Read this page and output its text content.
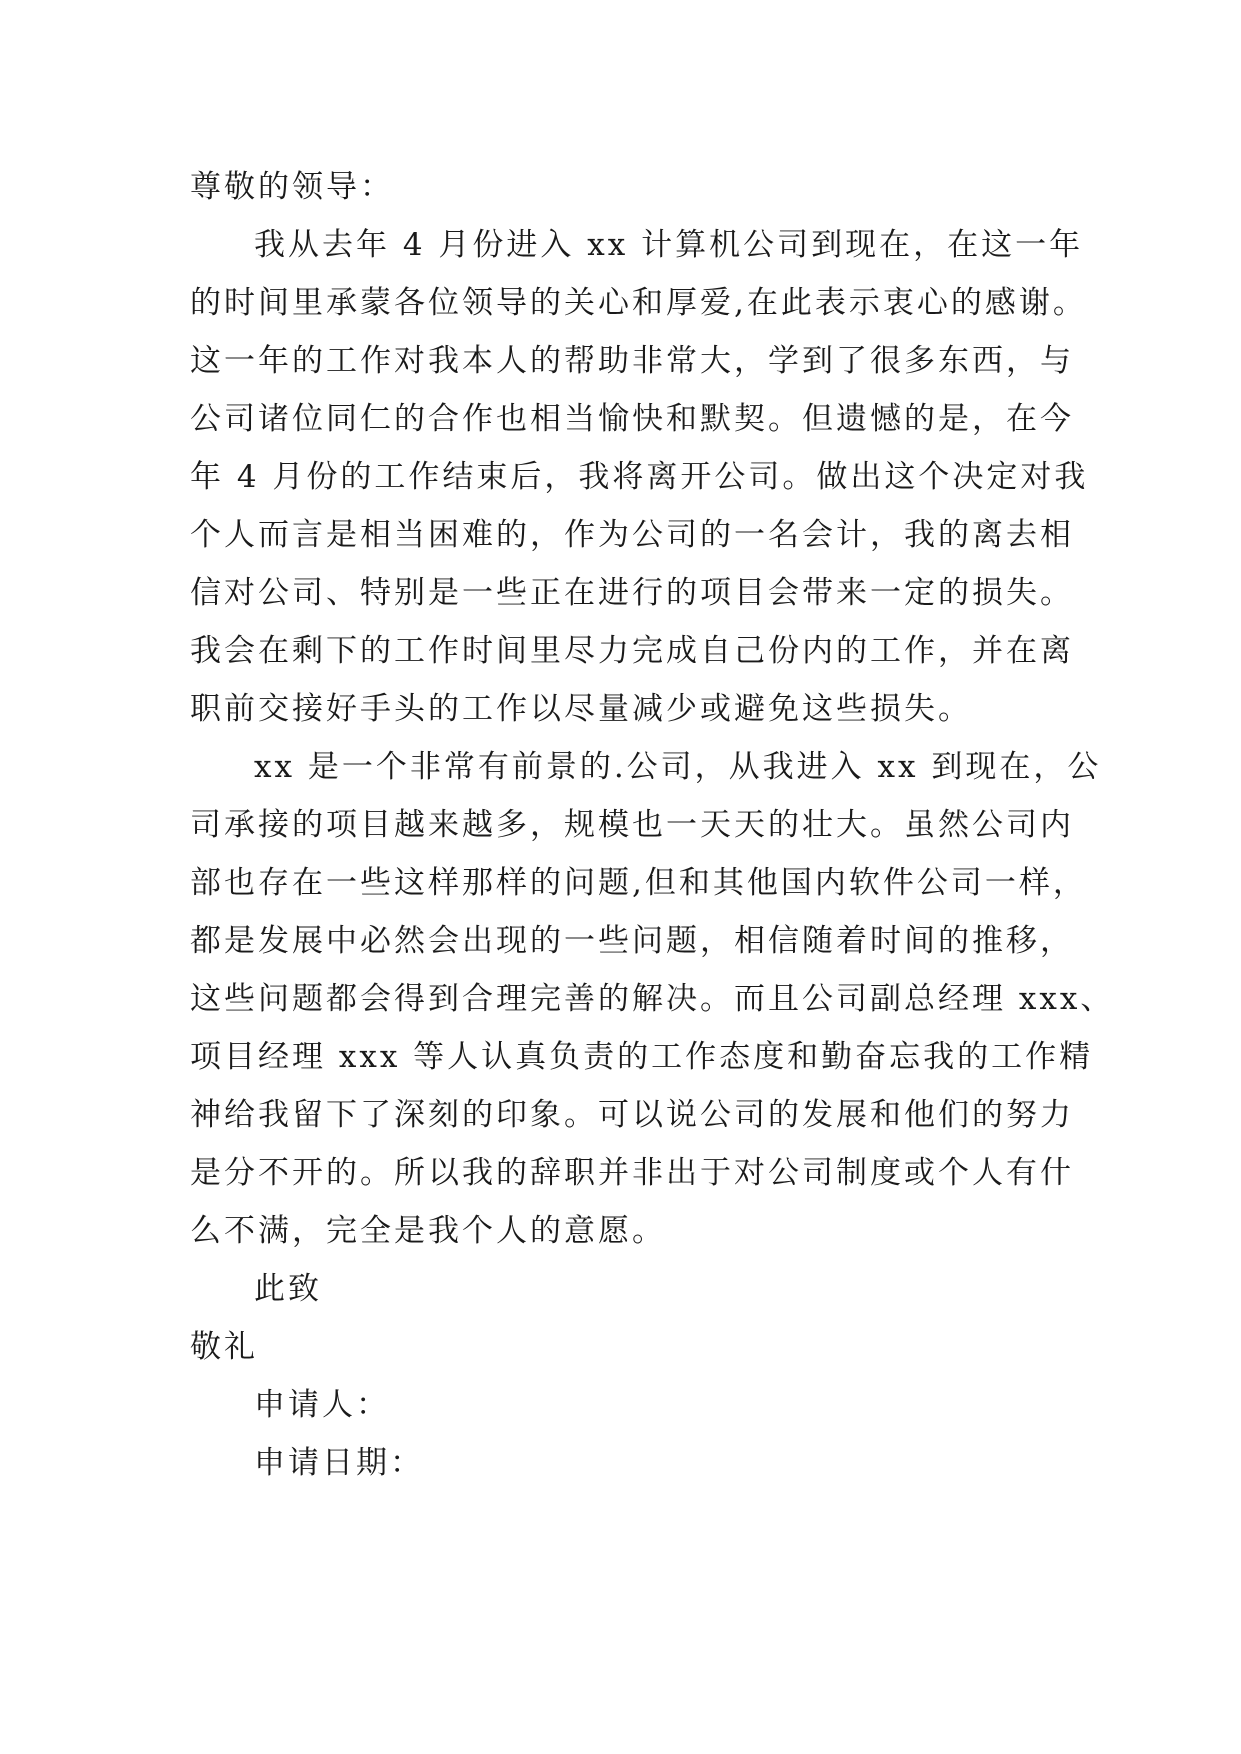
尊敬的领导：
我从去年 4 月份进入 xx 计算机公司到现在，在这一年
的时间里承蒙各位领导的关心和厚爱,在此表示衷心的感谢。
这一年的工作对我本人的帮助非常大，学到了很多东西，与
公司诸位同仁的合作也相当愉快和默契。但遗憾的是，在今
年 4 月份的工作结束后，我将离开公司。做出这个决定对我
个人而言是相当困难的，作为公司的一名会计，我的离去相
信对公司、特别是一些正在进行的项目会带来一定的损失。
我会在剩下的工作时间里尽力完成自己份内的工作，并在离
职前交接好手头的工作以尽量减少或避免这些损失。
xx 是一个非常有前景的.公司，从我进入 xx 到现在，公
司承接的项目越来越多，规模也一天天的壮大。虽然公司内
部也存在一些这样那样的问题,但和其他国内软件公司一样，
都是发展中必然会出现的一些问题，相信随着时间的推移，
这些问题都会得到合理完善的解决。而且公司副总经理 xxx、
项目经理 xxx 等人认真负责的工作态度和勤奋忘我的工作精
神给我留下了深刻的印象。可以说公司的发展和他们的努力
是分不开的。所以我的辞职并非出于对公司制度或个人有什
么不满，完全是我个人的意愿。
此致
敬礼
申请人：
申请日期：
